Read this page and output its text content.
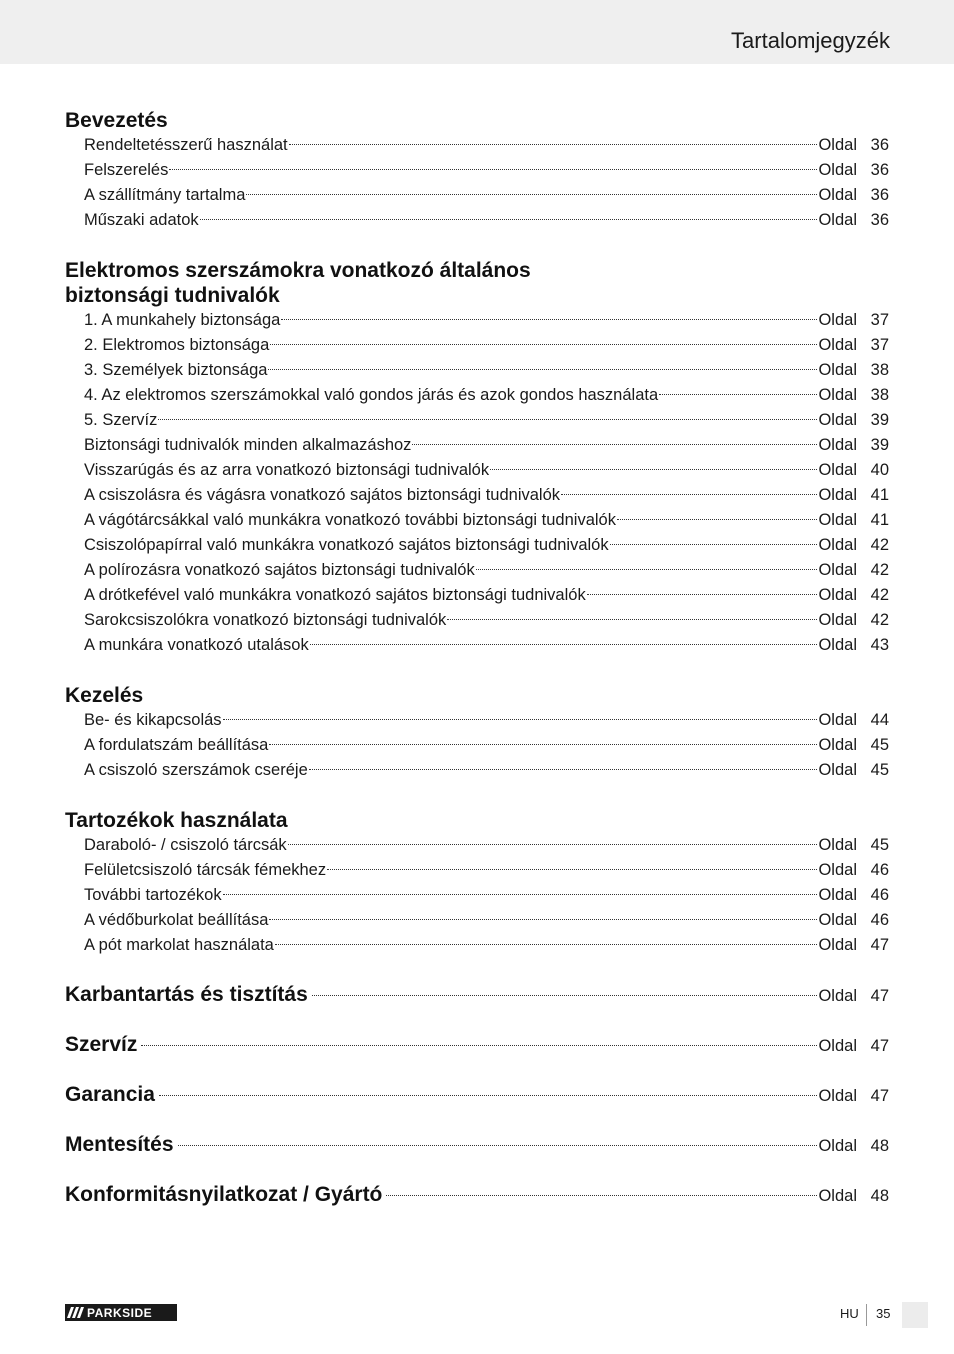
Tartalomjegyzék
Bevezetés
Rendeltetésszerű használat	Oldal 36
Felszerelés	Oldal 36
A szállítmány tartalma	Oldal 36
Műszaki adatok	Oldal 36
Elektromos szerszámokra vonatkozó általános
biztonsági tudnivalók
1. A munkahely biztonsága	Oldal 37
2. Elektromos biztonsága	Oldal 37
3. Személyek biztonsága	Oldal 38
4. Az elektromos szerszámokkal való gondos járás és azok gondos használata	Oldal 38
5. Szervíz	Oldal 39
Biztonsági tudnivalók minden alkalmazáshoz	Oldal 39
Visszarúgás és az arra vonatkozó biztonsági tudnivalók	Oldal 40
A csiszolásra és vágásra vonatkozó sajátos biztonsági tudnivalók	Oldal 41
A vágótárcsákkal való munkákra vonatkozó további biztonsági tudnivalók	Oldal 41
Csiszolópapírral való munkákra vonatkozó sajátos biztonsági tudnivalók	Oldal 42
A polírozásra vonatkozó sajátos biztonsági tudnivalók	Oldal 42
A drótkefével való munkákra vonatkozó sajátos biztonsági tudnivalók	Oldal 42
Sarokcsiszolókra vonatkozó biztonsági tudnivalók	Oldal 42
A munkára vonatkozó utalások	Oldal 43
Kezelés
Be- és kikapcsolás	Oldal 44
A fordulatszám beállítása	Oldal 45
A csiszoló szerszámok cseréje	Oldal 45
Tartozékok használata
Daraboló- / csiszoló tárcsák	Oldal 45
Felületcsiszoló tárcsák fémekhez	Oldal 46
További tartozékok	Oldal 46
A védőburkolat beállítása	Oldal 46
A pót markolat használata	Oldal 47
Karbantartás és tisztítás	Oldal 47
Szervíz	Oldal 47
Garancia	Oldal 47
Mentesítés	Oldal 48
Konformitásnyilatkozat / Gyártó	Oldal 48
PARKSIDE	HU 35
